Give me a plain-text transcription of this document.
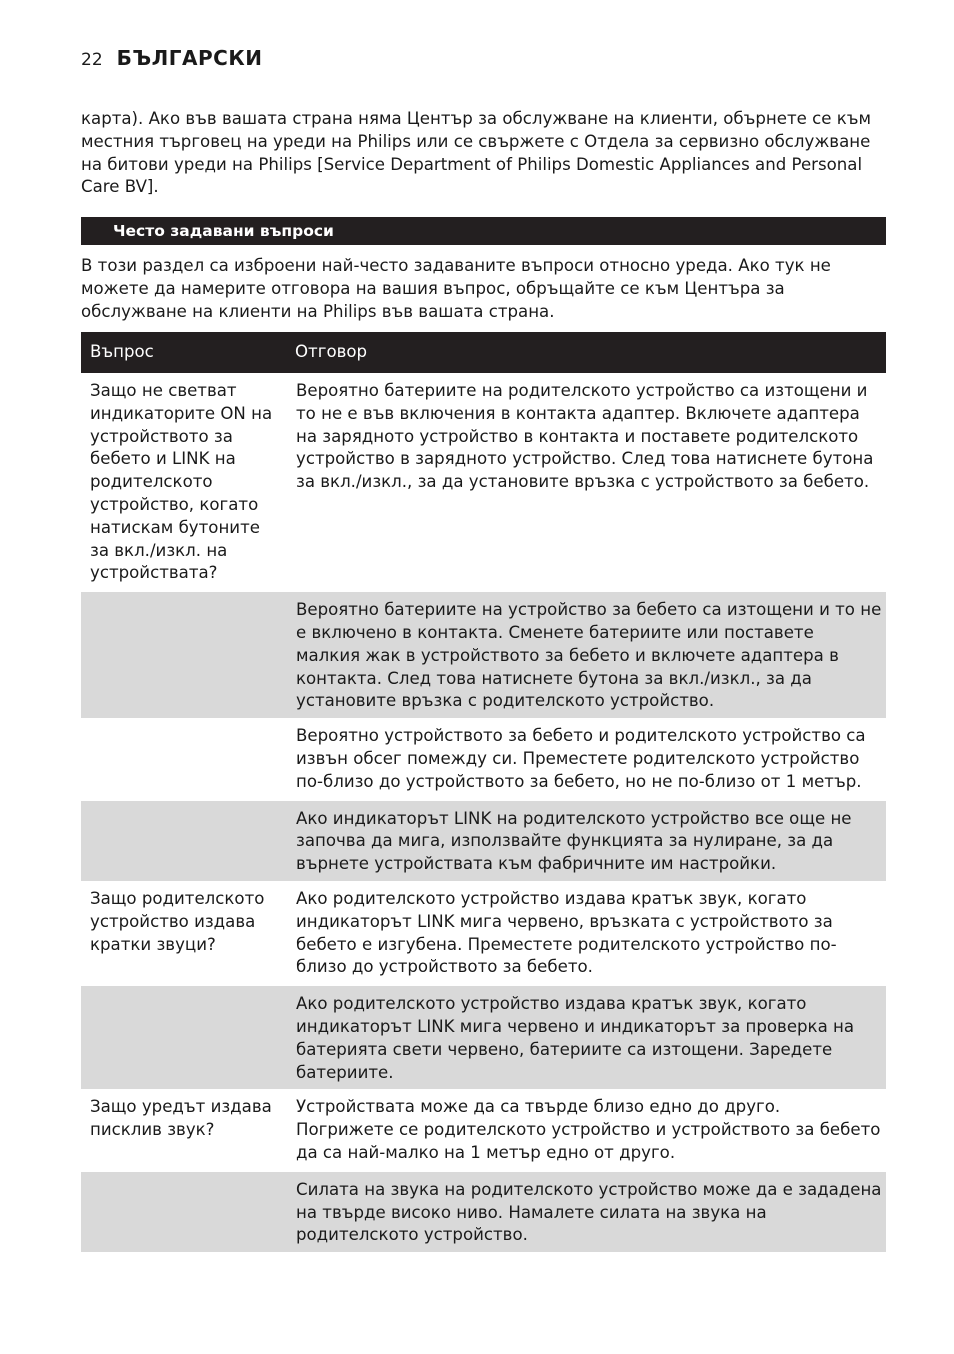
22 БЪЛГАРСКИ

карта). Ако във вашата страна няма Център за обслужване на клиенти, обърнете се към местния търговец на уреди на Philips или се свържете с Отдела за сервизно обслужване на битови уреди на Philips [Service Department of Philips Domestic Appliances and Personal Care BV].

Често задавани въпроси

В този раздел са изброени най-често задаваните въпроси относно уреда. Ако тук не можете да намерите отговора на вашия въпрос, обръщайте се към Центъра за обслужване на клиенти на Philips във вашата страна.

Въпрос	Отговор
Защо не светват индикаторите ON на устройството за бебето и LINK на родителското устройство, когато натискам бутоните за вкл./изкл. на устройствата?	Вероятно батериите на родителското устройство са изтощени и то не е във включения в контакта адаптер. Включете адаптера на зарядното устройство в контакта и поставете родителското устройство в зарядното устройство. След това натиснете бутона за вкл./изкл., за да установите връзка с устройството за бебето.
	Вероятно батериите на устройство за бебето са изтощени и то не е включено в контакта. Сменете батериите или поставете малкия жак в устройството за бебето и включете адаптера в контакта. След това натиснете бутона за вкл./изкл., за да установите връзка с родителското устройство.
	Вероятно устройството за бебето и родителското устройство са извън обсег помежду си. Преместете родителското устройство по-близо до устройството за бебето, но не по-близо от 1 метър.
	Ако индикаторът LINK на родителското устройство все още не започва да мига, използвайте функцията за нулиране, за да върнете устройствата към фабричните им настройки.
Защо родителското устройство издава кратки звуци?	Ако родителското устройство издава кратък звук, когато индикаторът LINK мига червено, връзката с устройството за бебето е изгубена. Преместете родителското устройство по-близо до устройството за бебето.
	Ако родителското устройство издава кратък звук, когато индикаторът LINK мига червено и индикаторът за проверка на батерията свети червено, батериите са изтощени. Заредете батериите.
Защо уредът издава писклив звук?	Устройствата може да са твърде близо едно до друго. Погрижете се родителското устройство и устройството за бебето да са най-малко на 1 метър едно от друго.
	Силата на звука на родителското устройство може да е зададена на твърде високо ниво. Намалете силата на звука на родителското устройство.
